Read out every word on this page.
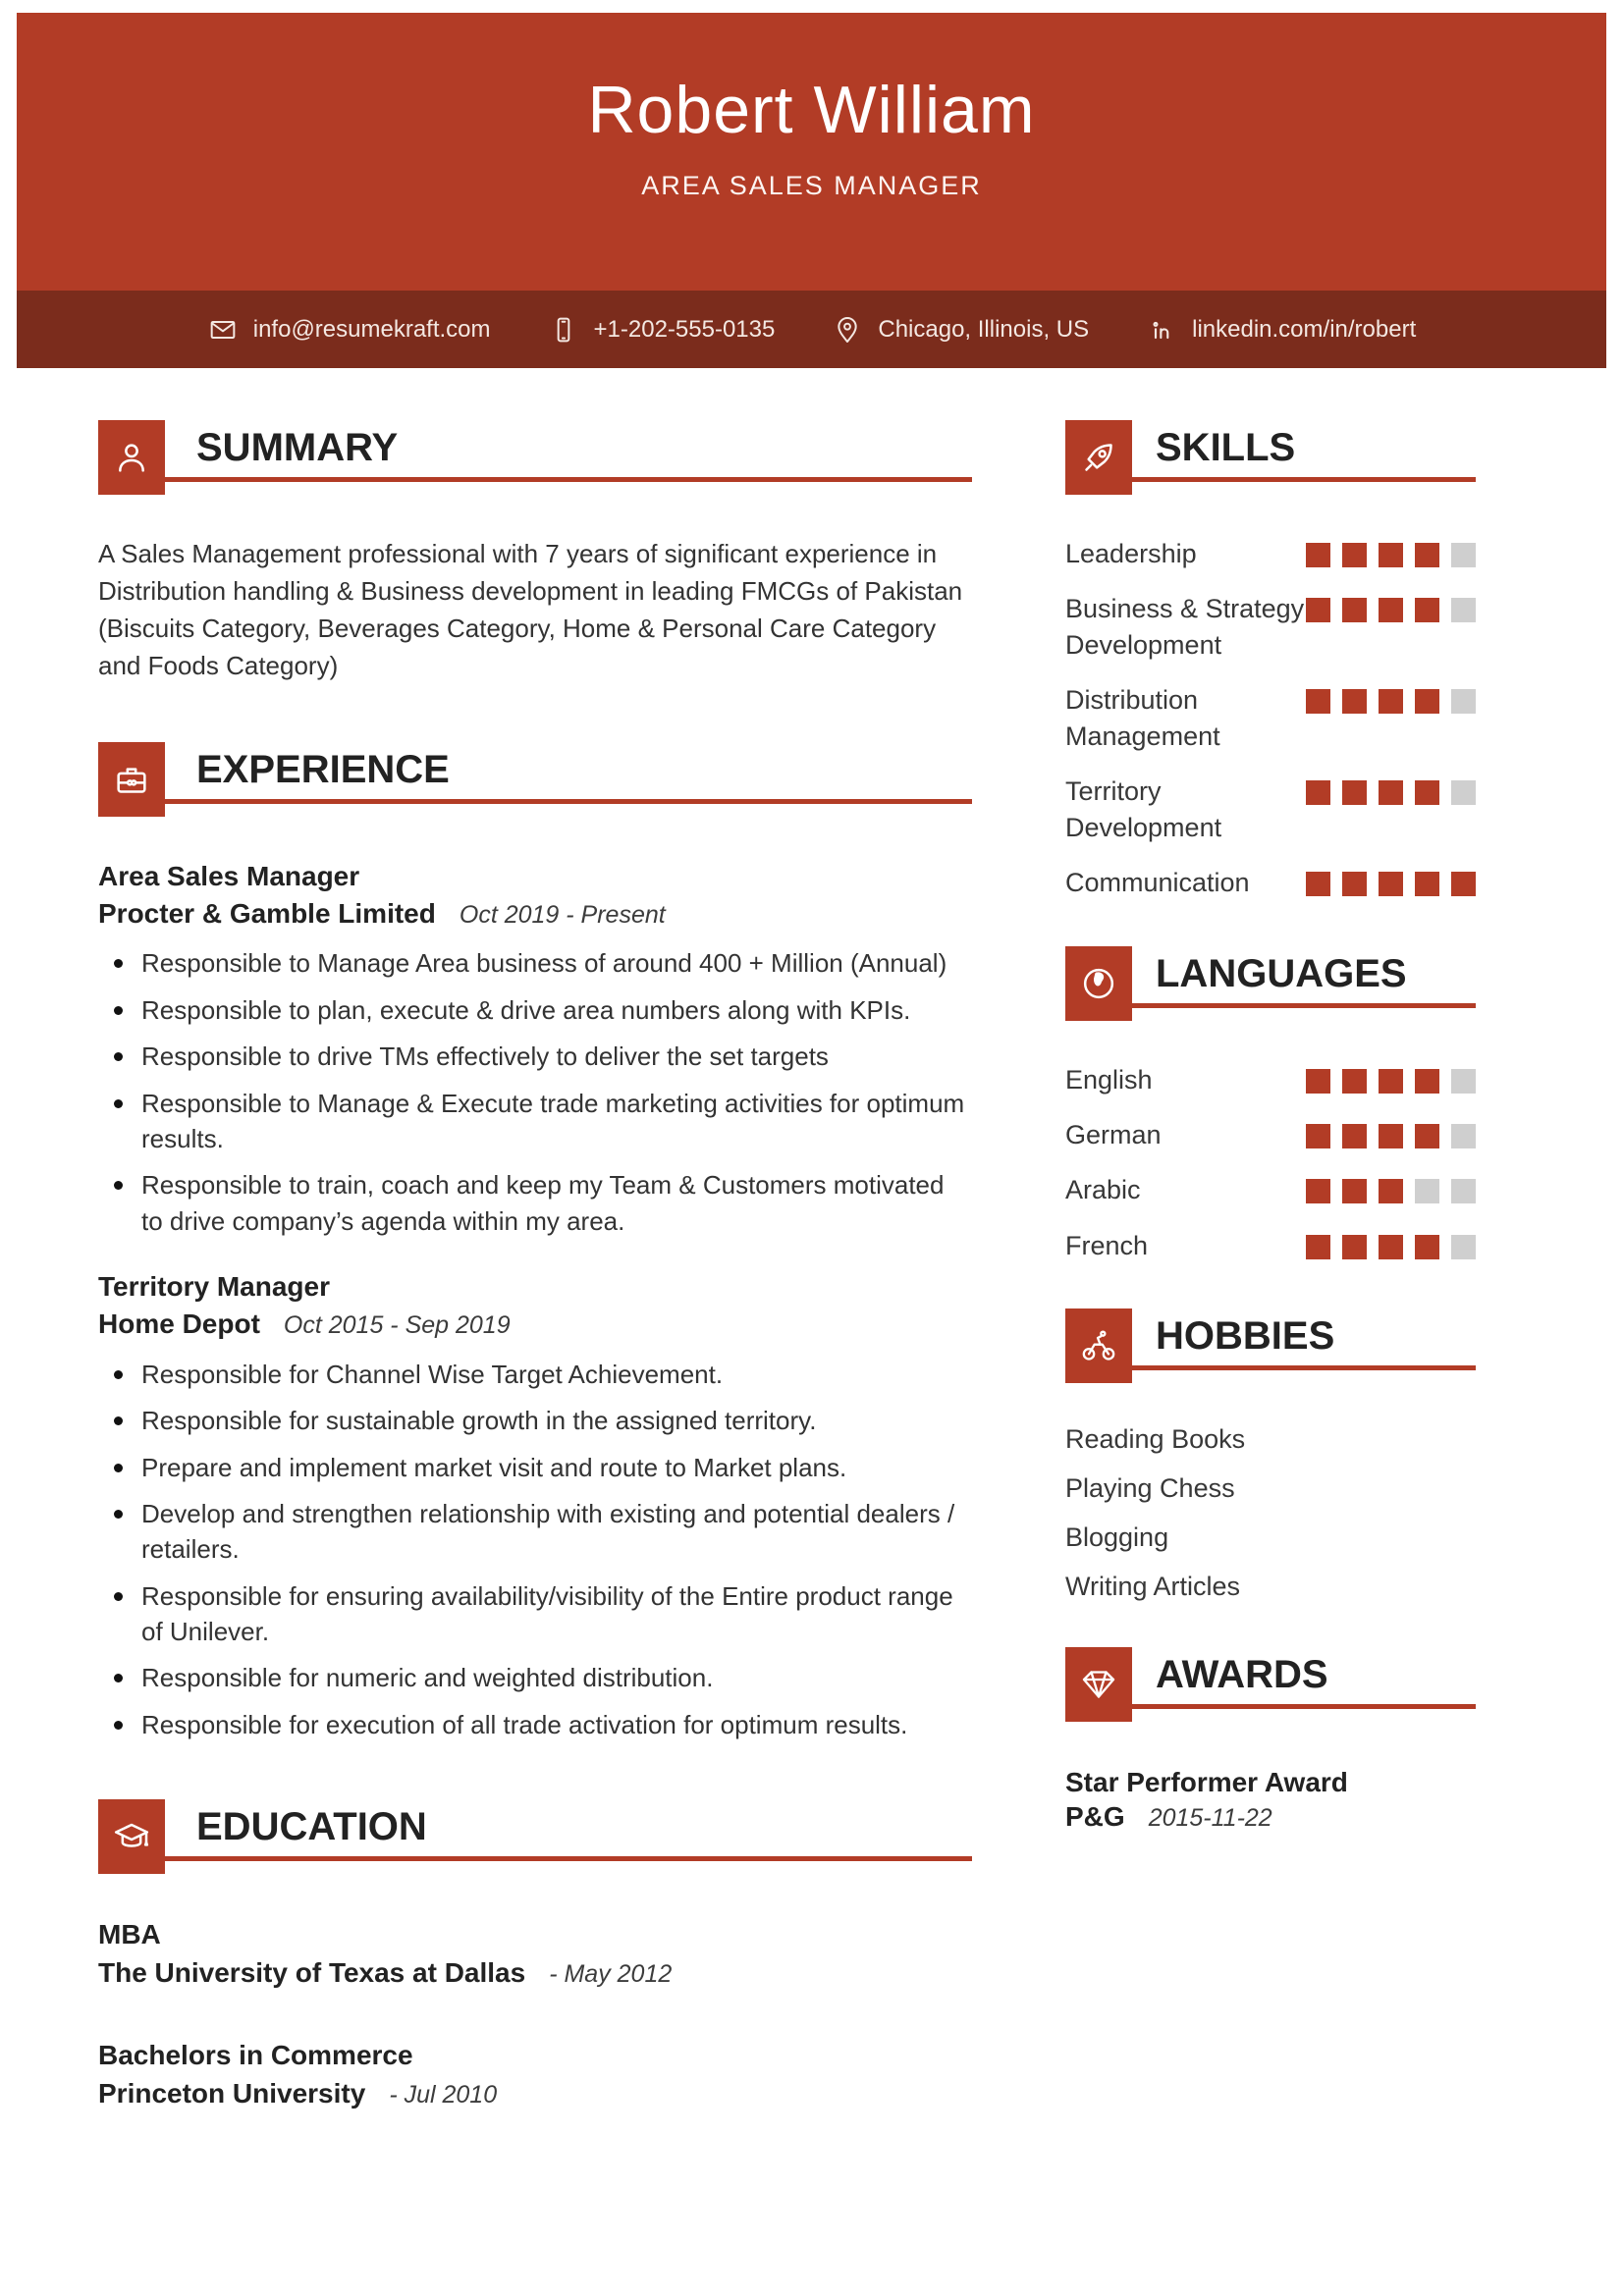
Robert William
AREA SALES MANAGER
info@resumekraft.com	+1-202-555-0135	Chicago, Illinois, US	linkedin.com/in/robert
SUMMARY
A Sales Management professional with 7 years of significant experience in Distribution handling & Business development in leading FMCGs of Pakistan (Biscuits Category, Beverages Category, Home & Personal Care Category and Foods Category)
EXPERIENCE
Area Sales Manager
Procter & Gamble Limited Oct 2019 - Present
Responsible to Manage Area business of around 400 + Million (Annual)
Responsible to plan, execute & drive area numbers along with KPIs.
Responsible to drive TMs effectively to deliver the set targets
Responsible to Manage & Execute trade marketing activities for optimum results.
Responsible to train, coach and keep my Team & Customers motivated to drive company’s agenda within my area.
Territory Manager
Home Depot Oct 2015 - Sep 2019
Responsible for Channel Wise Target Achievement.
Responsible for sustainable growth in the assigned territory.
Prepare and implement market visit and route to Market plans.
Develop and strengthen relationship with existing and potential dealers / retailers.
Responsible for ensuring availability/visibility of the Entire product range of Unilever.
Responsible for numeric and weighted distribution.
Responsible for execution of all trade activation for optimum results.
EDUCATION
MBA
The University of Texas at Dallas - May 2012
Bachelors in Commerce
Princeton University - Jul 2010
SKILLS
Leadership
Business & Strategy Development
Distribution Management
Territory Development
Communication
LANGUAGES
English
German
Arabic
French
HOBBIES
Reading Books
Playing Chess
Blogging
Writing Articles
AWARDS
Star Performer Award
P&G 2015-11-22
